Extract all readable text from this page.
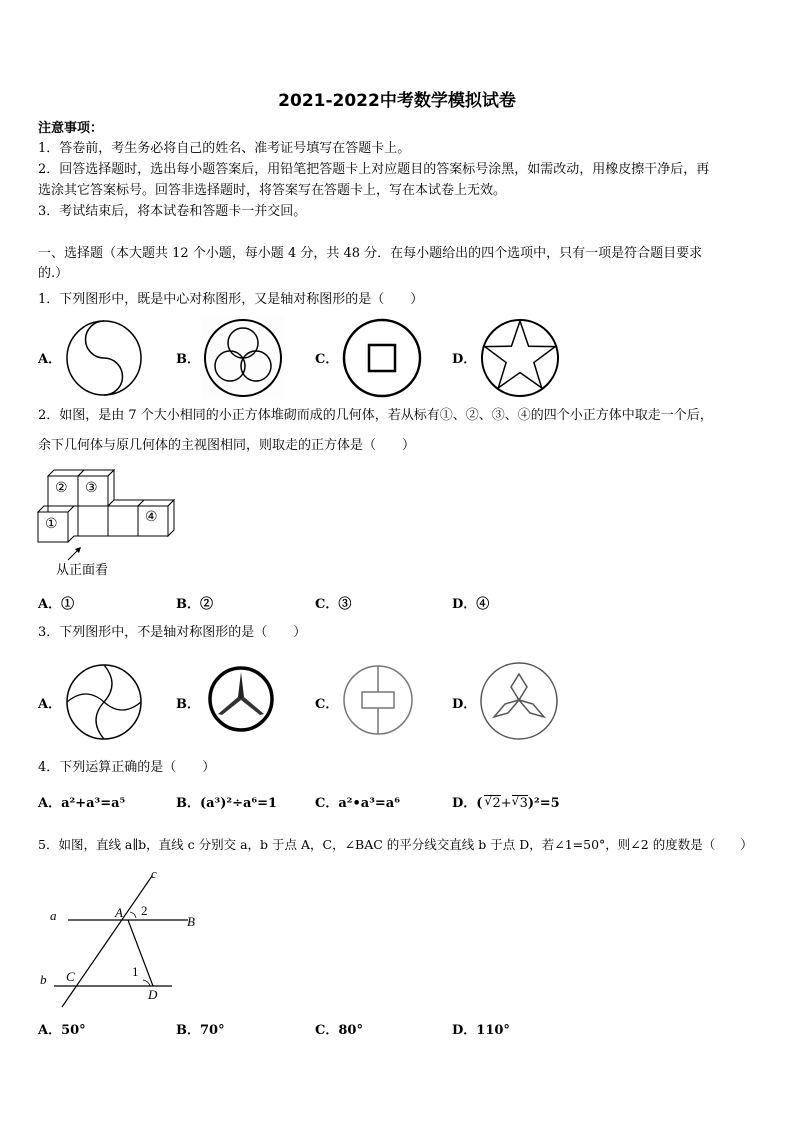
2021-2022中考数学模拟试卷
注意事项：
1．答卷前，考生务必将自己的姓名、准考证号填写在答题卡上。
2．回答选择题时，选出每小题答案后，用铅笔把答题卡上对应题目的答案标号涂黑，如需改动，用橡皮擦干净后，再
选涂其它答案标号。回答非选择题时，将答案写在答题卡上，写在本试卷上无效。
3．考试结束后，将本试卷和答题卡一并交回。
一、选择题（本大题共 12 个小题，每小题 4 分，共 48 分．在每小题给出的四个选项中，只有一项是符合题目要求
的.）
1．下列图形中，既是中心对称图形，又是轴对称图形的是（　　）
A．	B．	C．	D．
2．如图，是由 7 个大小相同的小正方体堆砌而成的几何体，若从标有①、②、③、④的四个小正方体中取走一个后，
余下几何体与原几何体的主视图相同，则取走的正方体是（　　）
② ③
①	④
从正面看
A．①	B．②	C．③	D．④
3．下列图形中，不是轴对称图形的是（　　）
A．	B．	C．	D．
4．下列运算正确的是（　　）
A．a²+a³=a⁵	B．(a³)²÷a⁶=1	C．a²•a³=a⁶	D．( √ 2+ √ 3)²=5
5．如图，直线 a∥b，直线 c 分别交 a，b 于点 A，C，∠BAC 的平分线交直线 b 于点 D，若∠1=50°，则∠2 的度数是（　　）
c
a	A 2
B
b C	1
D
A．50°	B．70°	C．80°	D．110°
